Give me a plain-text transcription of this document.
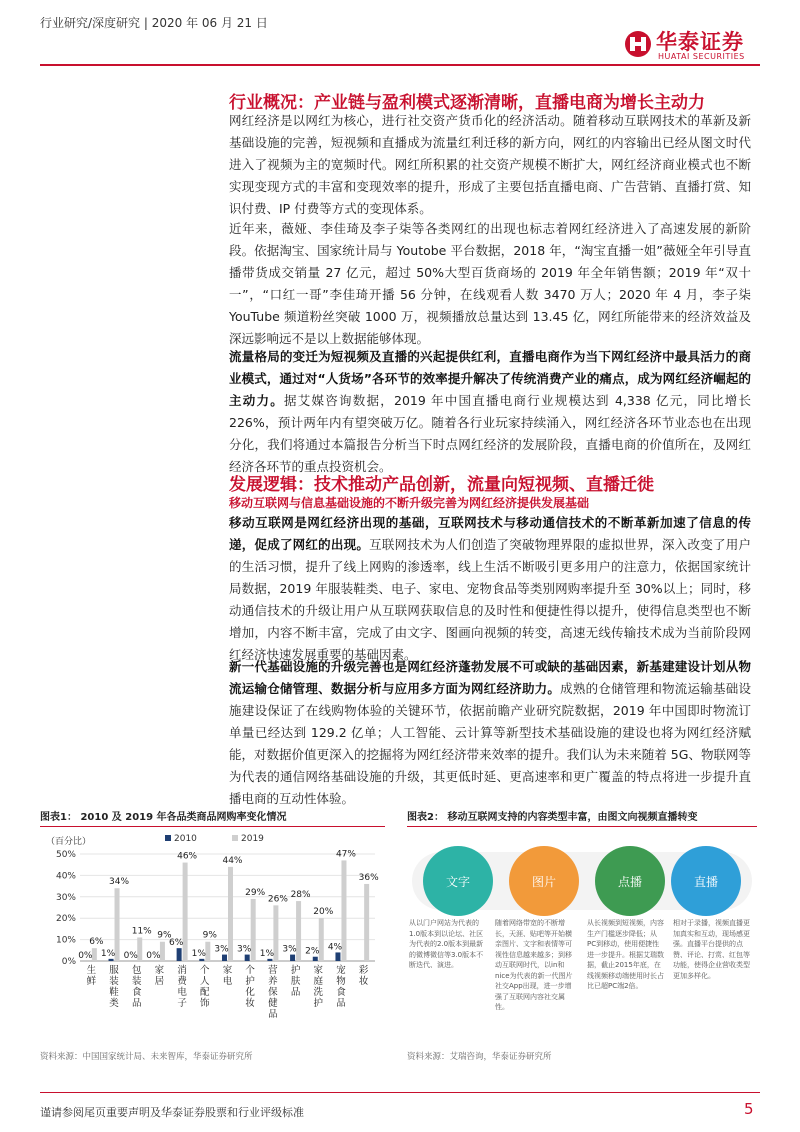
行业研究/深度研究 | 2020 年 06 月 21 日
华泰证券
HUATAI SECURITIES
行业概况：产业链与盈利模式逐渐清晰，直播电商为增长主动力
网红经济是以网红为核心，进行社交资产货币化的经济活动。随着移动互联网技术的革新及新基础设施的完善，短视频和直播成为流量红利迁移的新方向，网红的内容输出已经从图文时代进入了视频为主的宽频时代。网红所积累的社交资产规模不断扩大，网红经济商业模式也不断实现变现方式的丰富和变现效率的提升，形成了主要包括直播电商、广告营销、直播打赏、知识付费、IP 付费等方式的变现体系。
近年来，薇娅、李佳琦及李子柒等各类网红的出现也标志着网红经济进入了高速发展的新阶段。依据淘宝、国家统计局与 Youtobe 平台数据，2018 年，“淘宝直播一姐”薇娅全年引导直播带货成交销量 27 亿元，超过 50%大型百货商场的 2019 年全年销售额；2019 年“双十一”，“口红一哥”李佳琦开播 56 分钟，在线观看人数 3470 万人；2020 年 4 月，李子柒 YouTube 频道粉丝突破 1000 万，视频播放总量达到 13.45 亿，网红所能带来的经济效益及深远影响远不是以上数据能够体现。
流量格局的变迁为短视频及直播的兴起提供红利，直播电商作为当下网红经济中最具活力的商业模式，通过对“人货场”各环节的效率提升解决了传统消费产业的痛点，成为网红经济崛起的主动力。据艾媒咨询数据，2019 年中国直播电商行业规模达到 4,338 亿元，同比增长 226%，预计两年内有望突破万亿。随着各行业玩家持续涌入，网红经济各环节业态也在出现分化，我们将通过本篇报告分析当下时点网红经济的发展阶段，直播电商的价值所在，及网红经济各环节的重点投资机会。
发展逻辑：技术推动产品创新，流量向短视频、直播迁徙
移动互联网与信息基础设施的不断升级完善为网红经济提供发展基础
移动互联网是网红经济出现的基础，互联网技术与移动通信技术的不断革新加速了信息的传递，促成了网红的出现。互联网技术为人们创造了突破物理界限的虚拟世界，深入改变了用户的生活习惯，提升了线上网购的渗透率，线上生活不断吸引更多用户的注意力，依据国家统计局数据，2019 年服装鞋类、电子、家电、宠物食品等类别网购率提升至 30%以上；同时，移动通信技术的升级让用户从互联网获取信息的及时性和便捷性得以提升，使得信息类型也不断增加，内容不断丰富，完成了由文字、图画向视频的转变，高速无线传输技术成为当前阶段网红经济快速发展重要的基础因素。
新一代基础设施的升级完善也是网红经济蓬勃发展不可或缺的基础因素，新基建建设计划从物流运输仓储管理、数据分析与应用多方面为网红经济助力。成熟的仓储管理和物流运输基础设施建设保证了在线购物体验的关键环节，依据前瞻产业研究院数据，2019 年中国即时物流订单量已经达到 129.2 亿单；人工智能、云计算等新型技术基础设施的建设也将为网红经济赋能，对数据价值更深入的挖掘将为网红经济带来效率的提升。我们认为未来随着 5G、物联网等为代表的通信网络基础设施的升级，其更低时延、更高速率和更广覆盖的特点将进一步提升直播电商的互动性体验。
图表1： 2010 及 2019 年各品类商品网购率变化情况
（百分比）
0%
10%
20%
30%
40%
50%
2010	2019
0%
6%
生鲜
1%
34%
服装鞋类
0%
11%
包装食品
0%
9%
家居
6%
46%
消费电子
1%
9%
个人配饰
3%
44%
家电
3%
29%
个护化妆
1%
26%
营养保健品
3%
28%
护肤品
2%
20%
家庭洗护
4%
47%
宠物食品
36%
彩妆
资料来源：中国国家统计局、未来智库，华泰证券研究所
图表2： 移动互联网支持的内容类型丰富，由图文向视频直播转变
文字	图片	点播	直播
从以门户网站为代表的1.0版本到以论坛、社区为代表的2.0版本到最新的微博微信等3.0版本不断迭代、演进。
随着网络带宽的不断增长，天涯、贴吧等开始横亲图片、文字和表情等可视性信息越来越多；到移动互联网时代，以in和nice为代表的新一代图片社交App出现，进一步增强了互联网内容社交属性。
从长视频到短视频，内容生产门槛逐步降低；从PC到移动，使用便捷性进一步提升。根据艾瑞数据，截止2015年底，在线视频移动端使用时长占比已超PC端2倍。
相对于录播，视频直播更加真实和互动，现场感更强。直播平台提供的点赞、评论、打赏、红包等功能，使得企业营收类型更加多样化。
资料来源：艾瑞咨询，华泰证券研究所
谨请参阅尾页重要声明及华泰证券股票和行业评级标准	5
